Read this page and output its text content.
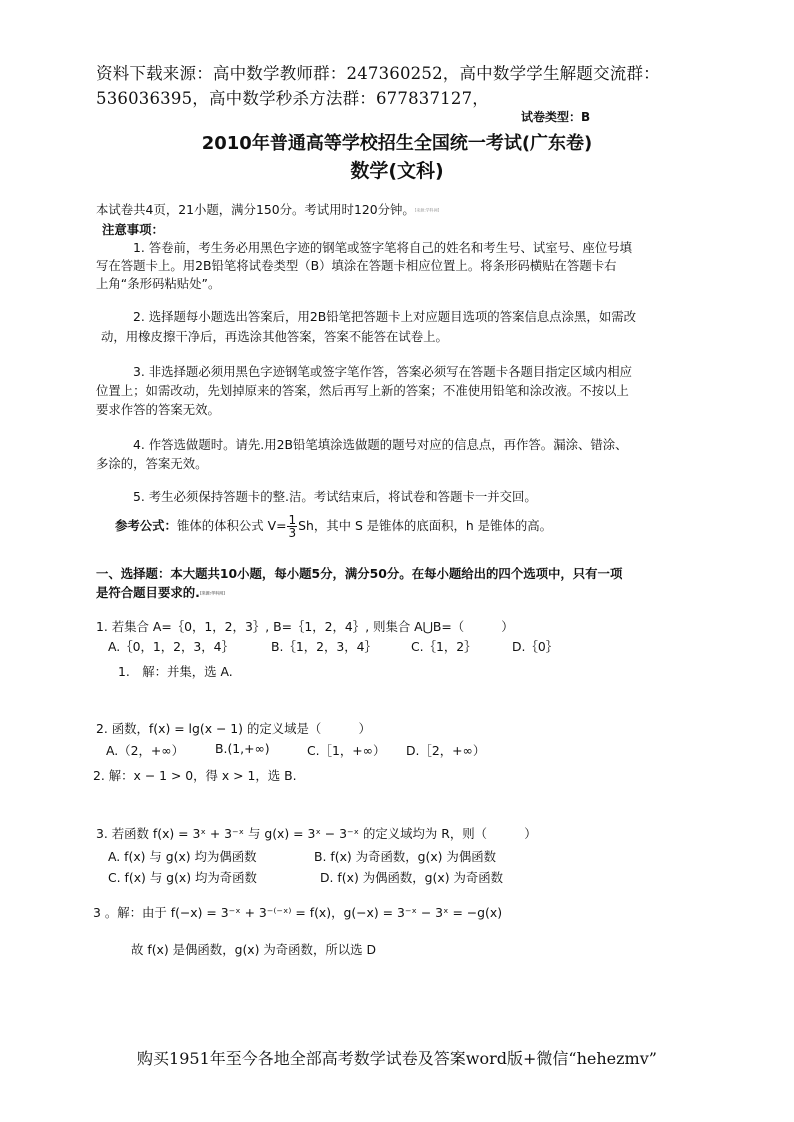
资料下载来源：高中数学教师群：247360252，高中数学学生解题交流群：
536036395，高中数学秒杀方法群：677837127，
试卷类型：B
2010年普通高等学校招生全国统一考试(广东卷)
数学(文科)
本试卷共4页，21小题，满分150分。考试用时120分钟。[来源:学科网]
注意事项：
1. 答卷前，考生务必用黑色字迹的钢笔或签字笔将自己的姓名和考生号、试室号、座位号填
写在答题卡上。用2B铅笔将试卷类型（B）填涂在答题卡相应位置上。将条形码横贴在答题卡右
上角“条形码粘贴处”。
2. 选择题每小题选出答案后，用2B铅笔把答题卡上对应题目选项的答案信息点涂黑，如需改
动，用橡皮擦干净后，再选涂其他答案，答案不能答在试卷上。
3. 非选择题必须用黑色字迹钢笔或签字笔作答，答案必须写在答题卡各题目指定区域内相应
位置上；如需改动，先划掉原来的答案，然后再写上新的答案；不准使用铅笔和涂改液。不按以上
要求作答的答案无效。
4. 作答选做题时。请先.用2B铅笔填涂选做题的题号对应的信息点，再作答。漏涂、错涂、
多涂的，答案无效。
5. 考生必须保持答题卡的整.洁。考试结束后，将试卷和答题卡一并交回。
参考公式：锥体的体积公式 $V= \frac{1}{3}$ Sh，其中 S 是锥体的底面积，h 是锥体的高。
一、选择题：本大题共10小题，每小题5分，满分50分。在每小题给出的四个选项中，只有一项
是符合题目要求的.[来源:学科网]
1. 若集合 A=｛0，1，2，3｝, B=｛1，2，4｝, 则集合 A⋃B=（　　　）
A.｛0，1，2，3，4｝	B.｛1，2，3，4｝	C.｛1，2｝	D.｛0｝
1.　解：并集，选 A.
2. 函数，f(x) = lg(x − 1) 的定义域是（　　　）
A.（2，+∞）	B.(1,+∞)	C.［1，+∞） D.［2，+∞）
2. 解：x − 1 > 0，得 x > 1，选 B.
3. 若函数 f(x) = 3ˣ + 3⁻ˣ 与 g(x) = 3ˣ − 3⁻ˣ 的定义域均为 R，则（　　　）
A. f(x) 与 g(x) 均为偶函数	B. f(x) 为奇函数，g(x) 为偶函数
C. f(x) 与 g(x) 均为奇函数	D. f(x) 为偶函数，g(x) 为奇函数
3 。解：由于 f(−x) = 3⁻ˣ + 3⁻⁽⁻ˣ⁾ = f(x)，g(−x) = 3⁻ˣ − 3ˣ = −g(x)
故 f(x) 是偶函数，g(x) 为奇函数，所以选 D
购买1951年至今各地全部高考数学试卷及答案word版+微信“hehezmv”
